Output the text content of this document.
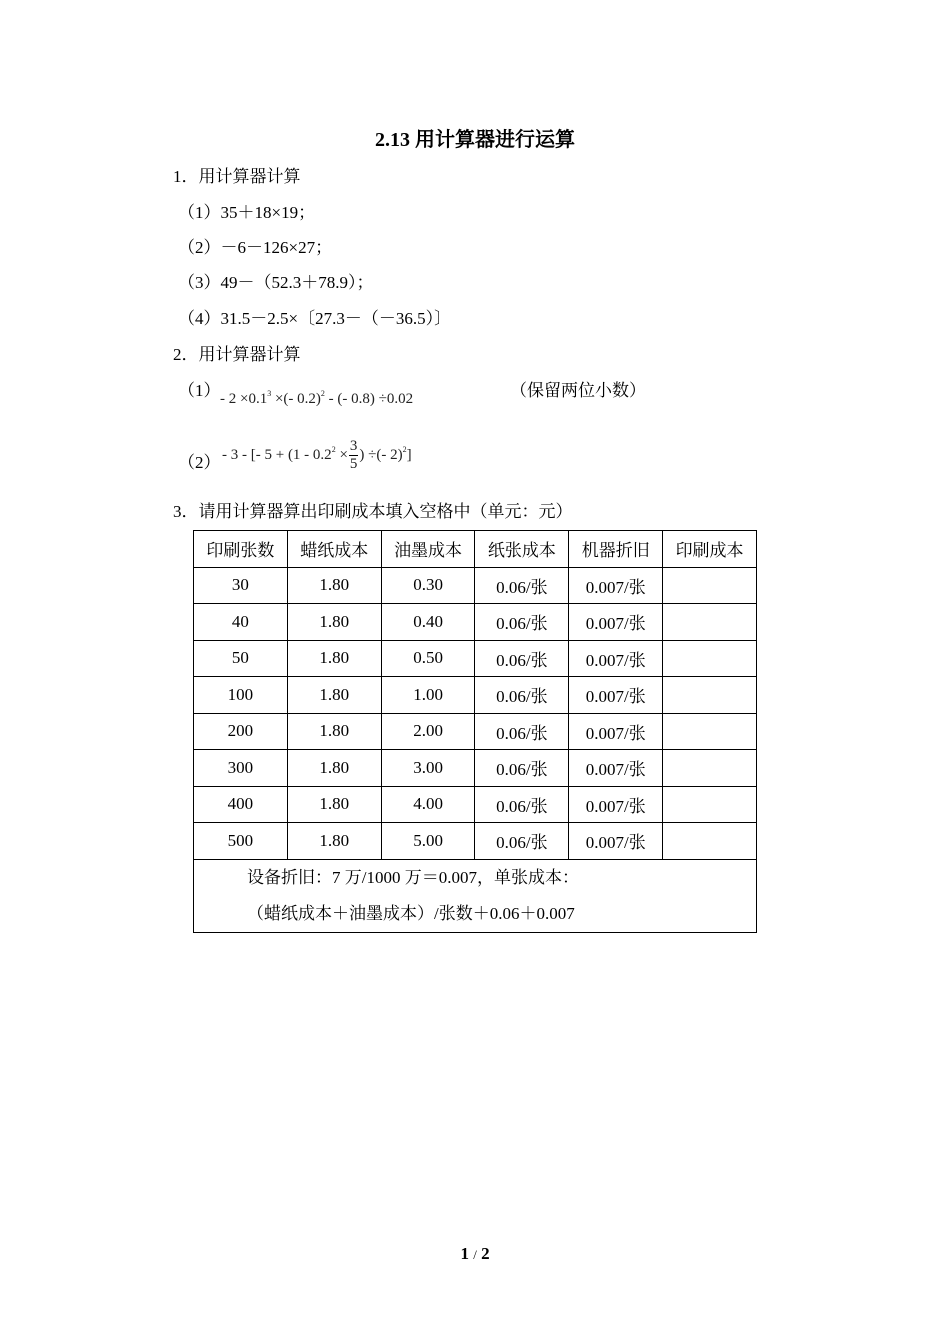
2.13 用计算器进行运算
1．用计算器计算
（1）35＋18×19；
（2）－6－126×27；
（3）49－（52.3＋78.9）；
（4）31.5－2.5×〔27.3－（－36.5）〕
2．用计算器计算
$(1) - 2 \times 0.1^3$ ×(- 0.2)$^2$ - (- 0.8) ÷0.02	（保留两位小数）
（2） - 3 - [- $5 + (1 - 0.2^2 \times \frac{3}{5}$ ) ÷(- 2)$^2$]
3．请用计算器算出印刷成本填入空格中（单元：元）
印刷张数	蜡纸成本	油墨成本	纸张成本	机器折旧	印刷成本
30	1.80	0.30	0.06/张	0.007/张	
40	1.80	0.40	0.06/张	0.007/张	
50	1.80	0.50	0.06/张	0.007/张	
100	1.80	1.00	0.06/张	0.007/张	
200	1.80	2.00	0.06/张	0.007/张	
300	1.80	3.00	0.06/张	0.007/张	
400	1.80	4.00	0.06/张	0.007/张	
500	1.80	5.00	0.06/张	0.007/张	

设备折旧：7 万/1000 万＝0.007，单张成本：
（蜡纸成本＋油墨成本）/张数＋0.06＋0.007					
1 / 2
